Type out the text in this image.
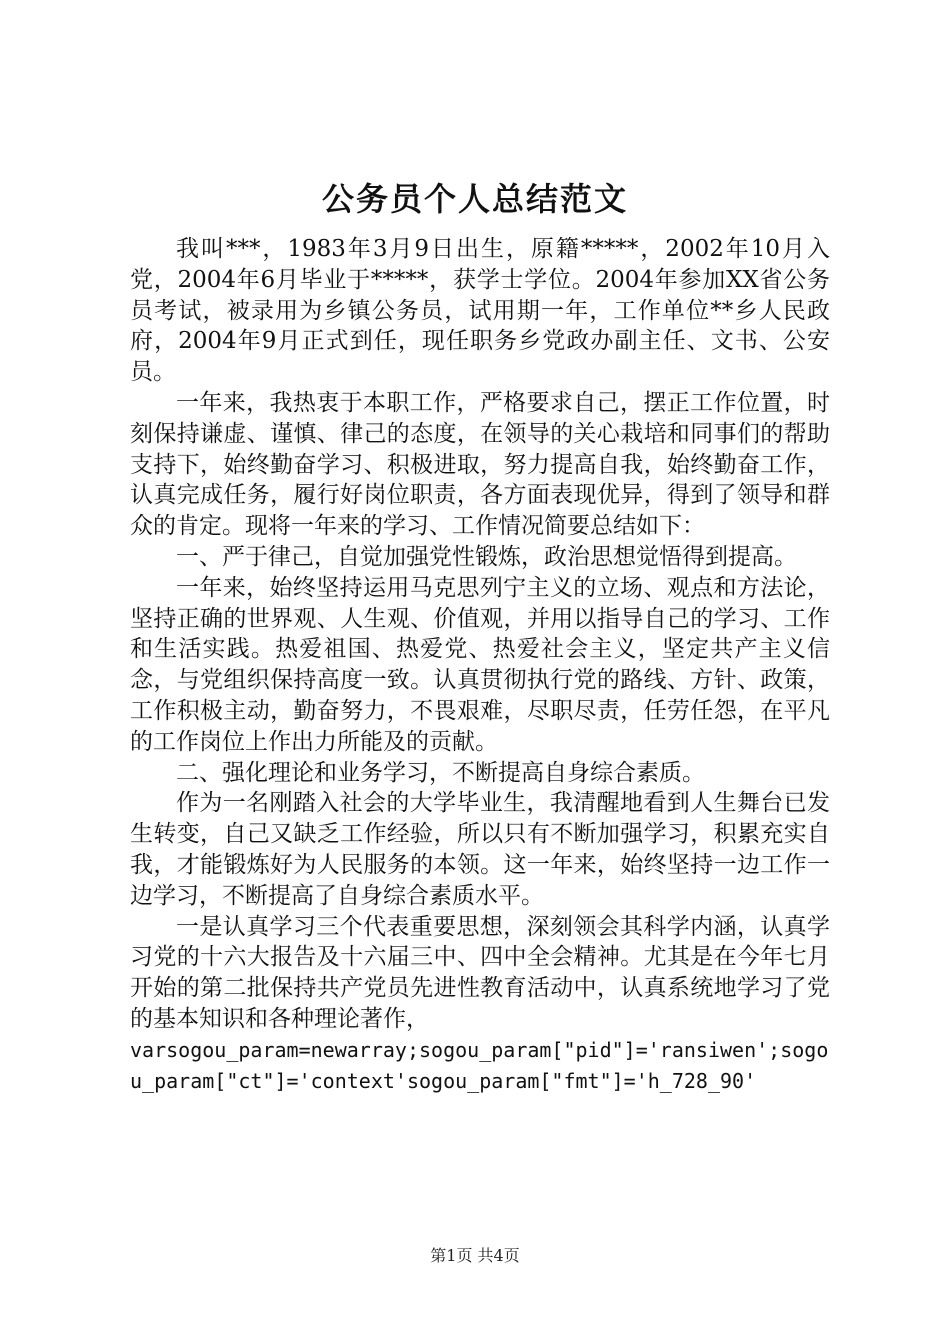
公务员个人总结范文

我叫***，1983年3月9日出生，原籍*****，2002年10月入党，2004年6月毕业于*****，获学士学位。2004年参加XX省公务员考试，被录用为乡镇公务员，试用期一年，工作单位**乡人民政府，2004年9月正式到任，现任职务乡党政办副主任、文书、公安员。

一年来，我热衷于本职工作，严格要求自己，摆正工作位置，时刻保持谦虚、谨慎、律己的态度，在领导的关心栽培和同事们的帮助支持下，始终勤奋学习、积极进取，努力提高自我，始终勤奋工作，认真完成任务，履行好岗位职责，各方面表现优异，得到了领导和群众的肯定。现将一年来的学习、工作情况简要总结如下：

一、严于律己，自觉加强党性锻炼，政治思想觉悟得到提高。

一年来，始终坚持运用马克思列宁主义的立场、观点和方法论，坚持正确的世界观、人生观、价值观，并用以指导自己的学习、工作和生活实践。热爱祖国、热爱党、热爱社会主义，坚定共产主义信念，与党组织保持高度一致。认真贯彻执行党的路线、方针、政策，工作积极主动，勤奋努力，不畏艰难，尽职尽责，任劳任怨，在平凡的工作岗位上作出力所能及的贡献。

二、强化理论和业务学习，不断提高自身综合素质。

作为一名刚踏入社会的大学毕业生，我清醒地看到人生舞台已发生转变，自己又缺乏工作经验，所以只有不断加强学习，积累充实自我，才能锻炼好为人民服务的本领。这一年来，始终坚持一边工作一边学习，不断提高了自身综合素质水平。

一是认真学习三个代表重要思想，深刻领会其科学内涵，认真学习党的十六大报告及十六届三中、四中全会精神。尤其是在今年七月开始的第二批保持共产党员先进性教育活动中，认真系统地学习了党的基本知识和各种理论著作，

varsogou_param=newarray;sogou_param["pid"]='ransiwen';sogou_param["ct"]='context'sogou_param["fmt"]='h_728_90'

第1页 共4页
